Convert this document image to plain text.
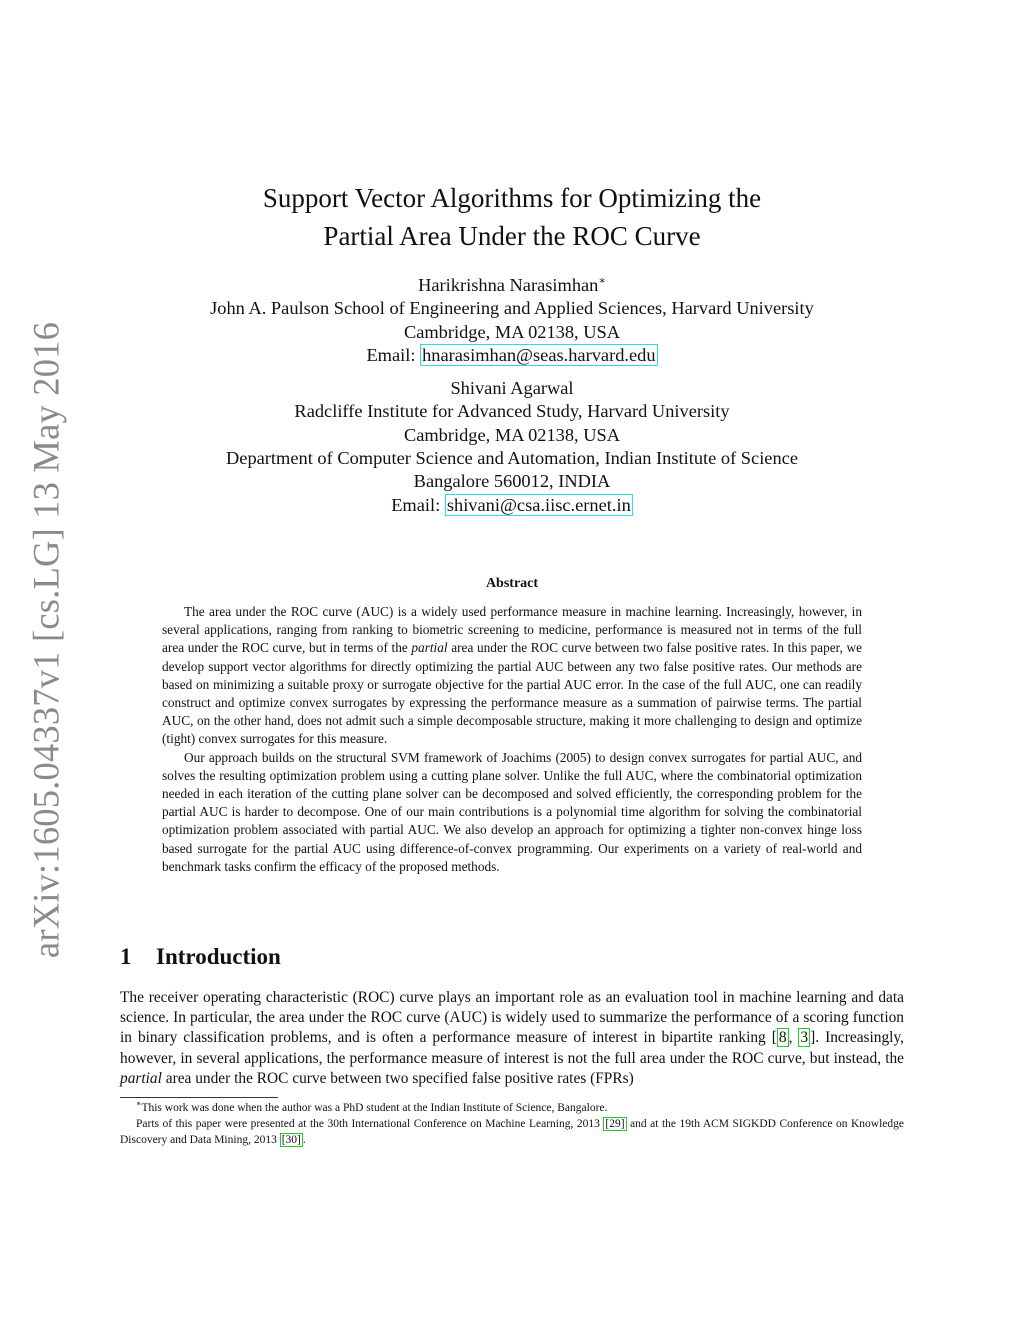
arXiv:1605.04337v1 [cs.LG] 13 May 2016
Support Vector Algorithms for Optimizing the
Partial Area Under the ROC Curve
Harikrishna Narasimhan∗
John A. Paulson School of Engineering and Applied Sciences, Harvard University
Cambridge, MA 02138, USA
Email: hnarasimhan@seas.harvard.edu
Shivani Agarwal
Radcliffe Institute for Advanced Study, Harvard University
Cambridge, MA 02138, USA
Department of Computer Science and Automation, Indian Institute of Science
Bangalore 560012, INDIA
Email: shivani@csa.iisc.ernet.in
Abstract

The area under the ROC curve (AUC) is a widely used performance measure in machine learning. Increasingly, however, in several applications, ranging from ranking to biometric screening to medicine, performance is measured not in terms of the full area under the ROC curve, but in terms of the partial area under the ROC curve between two false positive rates. In this paper, we develop support vector algorithms for directly optimizing the partial AUC between any two false positive rates. Our methods are based on minimizing a suitable proxy or surrogate objective for the partial AUC error. In the case of the full AUC, one can readily construct and optimize convex surrogates by expressing the performance measure as a summation of pairwise terms. The partial AUC, on the other hand, does not admit such a simple decomposable structure, making it more challenging to design and optimize (tight) convex surrogates for this measure.

Our approach builds on the structural SVM framework of Joachims (2005) to design convex surrogates for partial AUC, and solves the resulting optimization problem using a cutting plane solver. Unlike the full AUC, where the combinatorial optimization needed in each iteration of the cutting plane solver can be decomposed and solved efficiently, the corresponding problem for the partial AUC is harder to decompose. One of our main contributions is a polynomial time algorithm for solving the combinatorial optimization problem associated with partial AUC. We also develop an approach for optimizing a tighter non-convex hinge loss based surrogate for the partial AUC using difference-of-convex programming. Our experiments on a variety of real-world and benchmark tasks confirm the efficacy of the proposed methods.

1 Introduction

The receiver operating characteristic (ROC) curve plays an important role as an evaluation tool in machine learning and data science. In particular, the area under the ROC curve (AUC) is widely used to summarize the performance of a scoring function in binary classification problems, and is often a performance measure of interest in bipartite ranking [ 8 , 3 ]. Increasingly, however, in several applications, the performance measure of interest is not the full area under the ROC curve, but instead, the partial area under the ROC curve between two specified false positive rates (FPRs)

∗This work was done when the author was a PhD student at the Indian Institute of Science, Bangalore.

Parts of this paper were presented at the 30th International Conference on Machine Learning, 2013 [29] and at the 19th ACM SIGKDD Conference on Knowledge Discovery and Data Mining, 2013 [30] .
